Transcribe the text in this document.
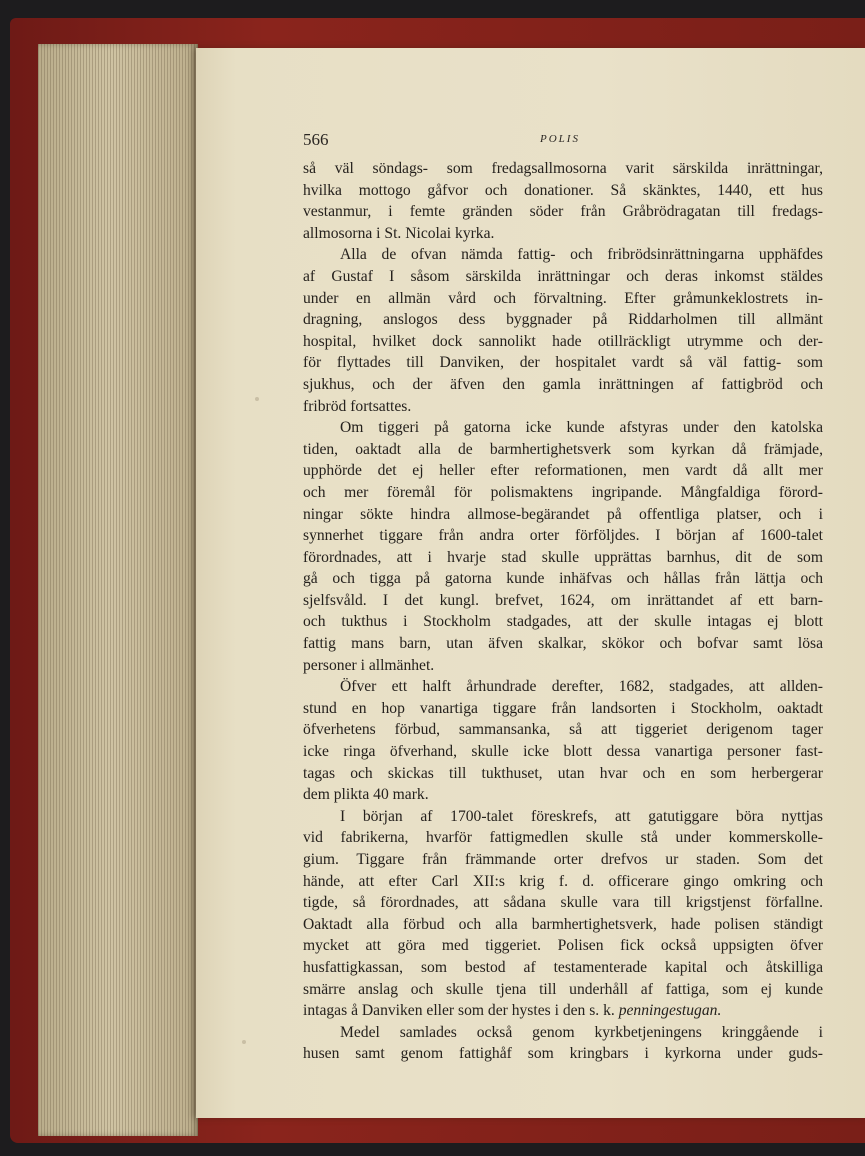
566	POLIS
så väl söndags- som fredagsallmosorna varit särskilda inrättningar,
hvilka mottogo gåfvor och donationer. Så skänktes, 1440, ett hus
vestanmur, i femte gränden söder från Gråbrödragatan till fredags-
allmosorna i St. Nicolai kyrka.
Alla de ofvan nämda fattig- och fribrödsinrättningarna upphäfdes
af Gustaf I såsom särskilda inrättningar och deras inkomst stäldes
under en allmän vård och förvaltning. Efter gråmunkeklostrets in-
dragning, anslogos dess byggnader på Riddarholmen till allmänt
hospital, hvilket dock sannolikt hade otillräckligt utrymme och der-
för flyttades till Danviken, der hospitalet vardt så väl fattig- som
sjukhus, och der äfven den gamla inrättningen af fattigbröd och
fribröd fortsattes.
Om tiggeri på gatorna icke kunde afstyras under den katolska
tiden, oaktadt alla de barmhertighetsverk som kyrkan då främjade,
upphörde det ej heller efter reformationen, men vardt då allt mer
och mer föremål för polismaktens ingripande. Mångfaldiga förord-
ningar sökte hindra allmose-begärandet på offentliga platser, och i
synnerhet tiggare från andra orter förföljdes. I början af 1600-talet
förordnades, att i hvarje stad skulle upprättas barnhus, dit de som
gå och tigga på gatorna kunde inhäfvas och hållas från lättja och
sjelfsvåld. I det kungl. brefvet, 1624, om inrättandet af ett barn-
och tukthus i Stockholm stadgades, att der skulle intagas ej blott
fattig mans barn, utan äfven skalkar, skökor och bofvar samt lösa
personer i allmänhet.
Öfver ett halft århundrade derefter, 1682, stadgades, att allden-
stund en hop vanartiga tiggare från landsorten i Stockholm, oaktadt
öfverhetens förbud, sammansanka, så att tiggeriet derigenom tager
icke ringa öfverhand, skulle icke blott dessa vanartiga personer fast-
tagas och skickas till tukthuset, utan hvar och en som herbergerar
dem plikta 40 mark.
I början af 1700-talet föreskrefs, att gatutiggare böra nyttjas
vid fabrikerna, hvarför fattigmedlen skulle stå under kommerskolle-
gium. Tiggare från främmande orter drefvos ur staden. Som det
hände, att efter Carl XII:s krig f. d. officerare gingo omkring och
tigde, så förordnades, att sådana skulle vara till krigstjenst förfallne.
Oaktadt alla förbud och alla barmhertighetsverk, hade polisen ständigt
mycket att göra med tiggeriet. Polisen fick också uppsigten öfver
husfattigkassan, som bestod af testamenterade kapital och åtskilliga
smärre anslag och skulle tjena till underhåll af fattiga, som ej kunde
intagas å Danviken eller som der hystes i den s. k. penningestugan.
Medel samlades också genom kyrkbetjeningens kringgående i
husen samt genom fattighåf som kringbars i kyrkorna under guds-
